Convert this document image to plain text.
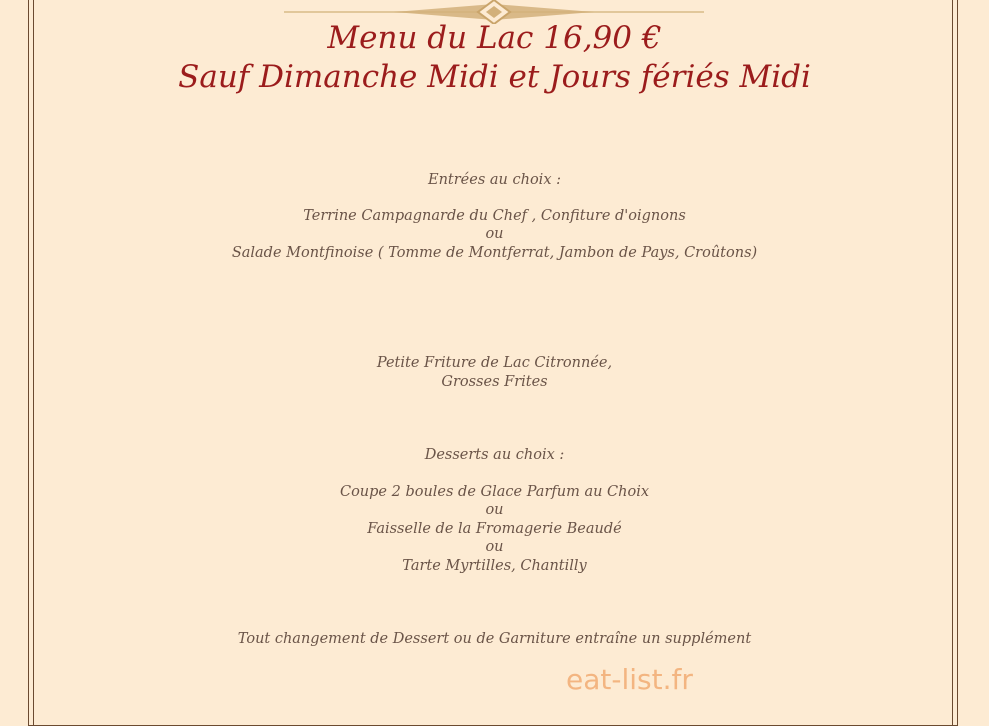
Menu du Lac 16,90 €
Sauf Dimanche Midi et Jours fériés Midi
Entrées au choix :
Terrine Campagnarde du Chef , Confiture d'oignons
ou
Salade Montfinoise ( Tomme de Montferrat, Jambon de Pays, Croûtons)
Petite Friture de Lac Citronnée,
Grosses Frites
Desserts au choix :
Coupe 2 boules de Glace Parfum au Choix
ou
Faisselle de la Fromagerie Beaudé
ou
Tarte Myrtilles, Chantilly
Tout changement de Dessert ou de Garniture entraîne un supplément
eat-list.fr
